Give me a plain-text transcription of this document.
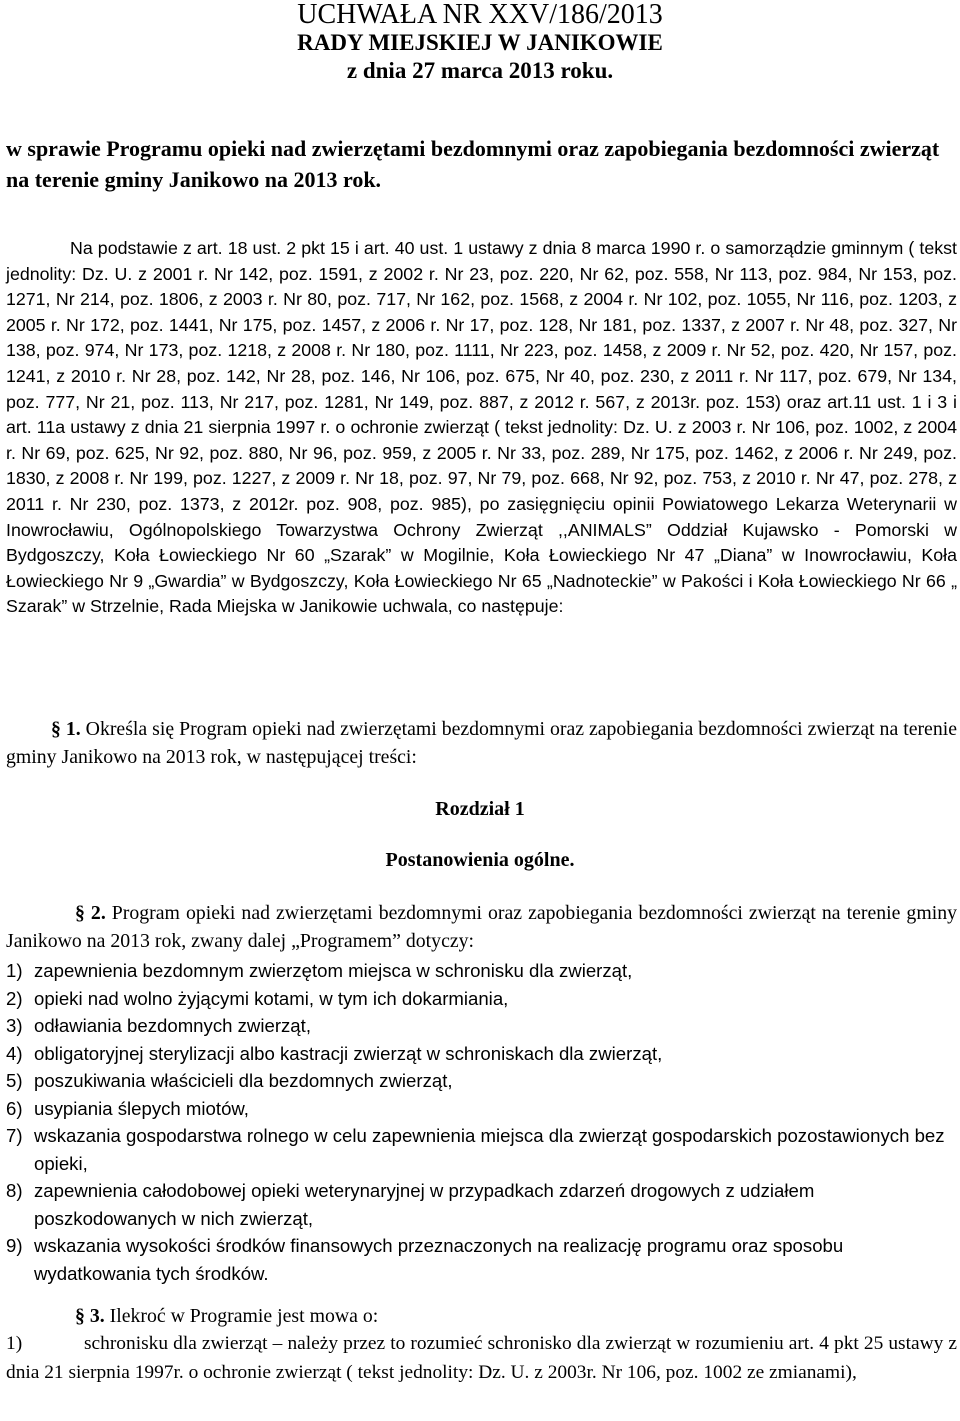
UCHWAŁA NR XXV/186/2013
RADY MIEJSKIEJ W JANIKOWIE
z dnia 27 marca 2013 roku.
w sprawie Programu opieki nad zwierzętami bezdomnymi oraz zapobiegania bezdomności zwierząt na terenie gminy Janikowo na 2013 rok.
Na podstawie z art. 18 ust. 2 pkt 15 i art. 40 ust. 1 ustawy z dnia 8 marca 1990 r. o samorządzie gminnym ( tekst jednolity: Dz. U. z 2001 r. Nr 142, poz. 1591, z 2002 r. Nr 23, poz. 220, Nr 62, poz. 558, Nr 113, poz. 984, Nr 153, poz. 1271, Nr 214, poz. 1806, z 2003 r. Nr 80, poz. 717, Nr 162, poz. 1568, z 2004 r. Nr 102, poz. 1055, Nr 116, poz. 1203, z 2005 r. Nr 172, poz. 1441, Nr 175, poz. 1457, z 2006 r. Nr 17, poz. 128, Nr 181, poz. 1337, z 2007 r. Nr 48, poz. 327, Nr 138, poz. 974, Nr 173, poz. 1218, z 2008 r. Nr 180, poz. 1111, Nr 223, poz. 1458, z 2009 r. Nr 52, poz. 420, Nr 157, poz. 1241, z 2010 r. Nr 28, poz. 142, Nr 28, poz. 146, Nr 106, poz. 675, Nr 40, poz. 230, z 2011 r. Nr 117, poz. 679, Nr 134, poz. 777, Nr 21, poz. 113, Nr 217, poz. 1281, Nr 149, poz. 887, z 2012 r. 567, z 2013r. poz. 153) oraz art.11 ust. 1 i 3 i art. 11a ustawy z dnia 21 sierpnia 1997 r. o ochronie zwierząt ( tekst jednolity: Dz. U. z 2003 r. Nr 106, poz. 1002, z 2004 r. Nr 69, poz. 625, Nr 92, poz. 880, Nr 96, poz. 959, z 2005 r. Nr 33, poz. 289, Nr 175, poz. 1462, z 2006 r. Nr 249, poz. 1830, z 2008 r. Nr 199, poz. 1227, z 2009 r. Nr 18, poz. 97, Nr 79, poz. 668, Nr 92, poz. 753, z 2010 r. Nr 47, poz. 278, z 2011 r. Nr 230, poz. 1373, z 2012r. poz. 908, poz. 985), po zasięgnięciu opinii Powiatowego Lekarza Weterynarii w Inowrocławiu, Ogólnopolskiego Towarzystwa Ochrony Zwierząt ,,ANIMALS” Oddział Kujawsko - Pomorski w Bydgoszczy, Koła Łowieckiego Nr 60 „Szarak” w Mogilnie, Koła Łowieckiego Nr 47 „Diana” w Inowrocławiu, Koła Łowieckiego Nr 9 „Gwardia” w Bydgoszczy, Koła Łowieckiego Nr 65 „Nadnoteckie” w Pakości i Koła Łowieckiego Nr 66 „ Szarak” w Strzelnie, Rada Miejska w Janikowie uchwala, co następuje:
§ 1. Określa się Program opieki nad zwierzętami bezdomnymi oraz zapobiegania bezdomności zwierząt na terenie gminy Janikowo na 2013 rok, w następującej treści:
Rozdział 1
Postanowienia ogólne.
§ 2. Program opieki nad zwierzętami bezdomnymi oraz zapobiegania bezdomności zwierząt na terenie gminy Janikowo na 2013 rok, zwany dalej „Programem” dotyczy:
1) zapewnienia bezdomnym zwierzętom miejsca w schronisku dla zwierząt,
2) opieki nad wolno żyjącymi kotami, w tym ich dokarmiania,
3) odławiania bezdomnych zwierząt,
4) obligatoryjnej sterylizacji albo kastracji zwierząt w schroniskach dla zwierząt,
5) poszukiwania właścicieli dla bezdomnych zwierząt,
6) usypiania ślepych miotów,
7) wskazania gospodarstwa rolnego w celu zapewnienia miejsca dla zwierząt gospodarskich pozostawionych bez opieki,
8) zapewnienia całodobowej opieki weterynaryjnej w przypadkach zdarzeń drogowych z udziałem poszkodowanych w nich zwierząt,
9) wskazania wysokości środków finansowych przeznaczonych na realizację programu oraz sposobu wydatkowania tych środków.
§ 3. Ilekroć w Programie jest mowa o:
1)	schronisku dla zwierząt – należy przez to rozumieć schronisko dla zwierząt w rozumieniu art. 4 pkt 25 ustawy z dnia 21 sierpnia 1997r. o ochronie zwierząt ( tekst jednolity: Dz. U. z 2003r. Nr 106, poz. 1002 ze zmianami),
